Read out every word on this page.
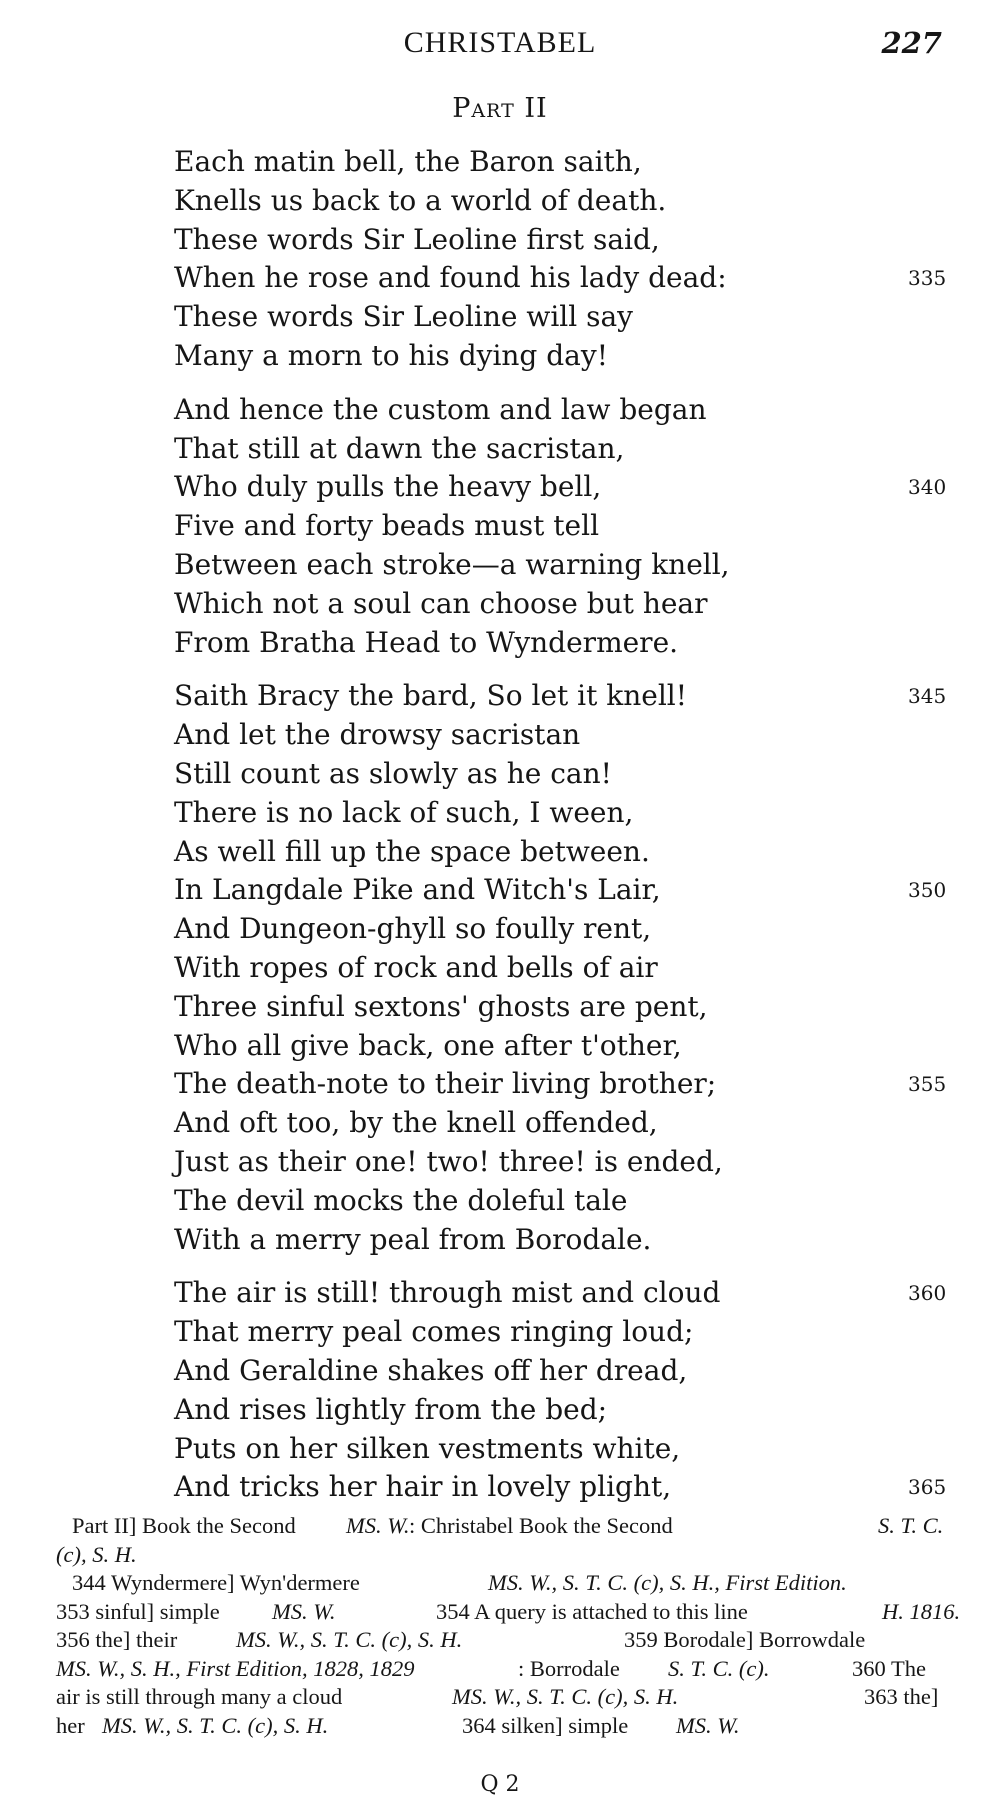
CHRISTABEL	227
Part II
Each matin bell, the Baron saith,
Knells us back to a world of death.
These words Sir Leoline first said,
When he rose and found his lady dead:	335
These words Sir Leoline will say
Many a morn to his dying day!
And hence the custom and law began
That still at dawn the sacristan,
Who duly pulls the heavy bell,	340
Five and forty beads must tell
Between each stroke—a warning knell,
Which not a soul can choose but hear
From Bratha Head to Wyndermere.
Saith Bracy the bard, So let it knell!	345
And let the drowsy sacristan
Still count as slowly as he can!
There is no lack of such, I ween,
As well fill up the space between.
In Langdale Pike and Witch's Lair,	350
And Dungeon-ghyll so foully rent,
With ropes of rock and bells of air
Three sinful sextons' ghosts are pent,
Who all give back, one after t'other,
The death-note to their living brother;	355
And oft too, by the knell offended,
Just as their one! two! three! is ended,
The devil mocks the doleful tale
With a merry peal from Borodale.
The air is still! through mist and cloud	360
That merry peal comes ringing loud;
And Geraldine shakes off her dread,
And rises lightly from the bed;
Puts on her silken vestments white,
And tricks her hair in lovely plight,	365
Part II] Book the Second MS. W. : Christabel Book the Second	S. T. C.
(c), S. H.
344 Wyndermere] Wyn'dermere	MS. W., S. T. C. (c), S. H., First Edition.
353 sinful] simple MS. W.	354 A query is attached to this line	H. 1816.
356 the] their	MS. W., S. T. C. (c), S. H.	359 Borodale] Borrowdale
MS. W., S. H., First Edition, 1828, 1829	: Borrodale S. T. C. (c).	360 The
air is still through many a cloud	MS. W., S. T. C. (c), S. H.	363 the]
her MS. W., S. T. C. (c), S. H.	364 silken] simple MS. W.
Q 2
